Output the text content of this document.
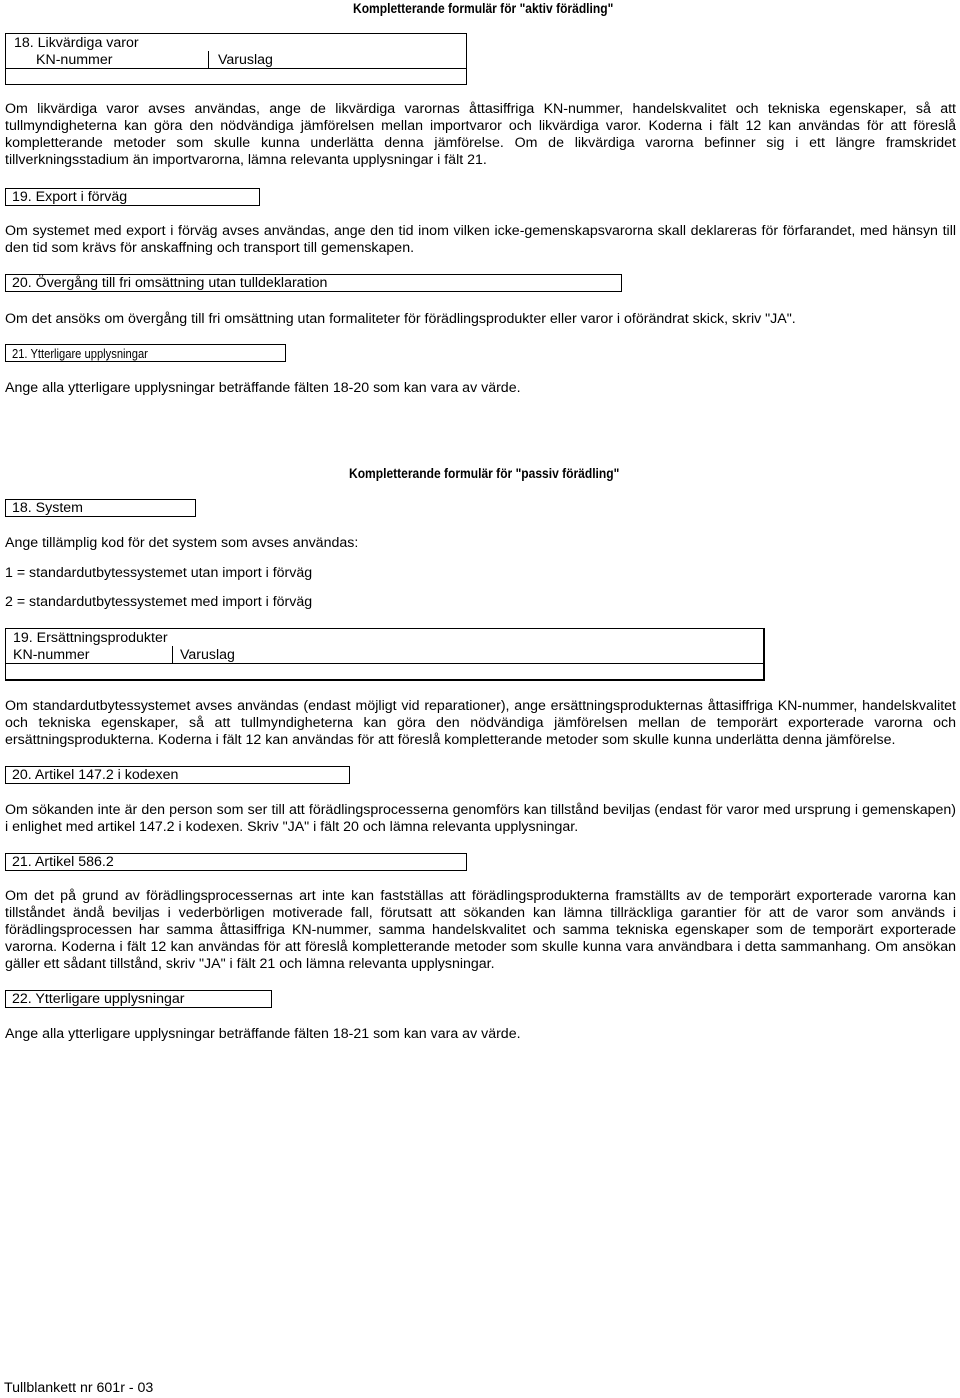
Kompletterande formulär för "aktiv förädling"
18. Likvärdiga varor
KN-nummer	Varuslag
Om likvärdiga varor avses användas, ange de likvärdiga varornas åttasiffriga KN-nummer, handelskvalitet och tekniska egenskaper, så att tullmyndigheterna kan göra den nödvändiga jämförelsen mellan importvaror och likvärdiga varor. Koderna i fält 12 kan användas för att föreslå kompletterande metoder som skulle kunna underlätta denna jämförelse. Om de likvärdiga varorna befinner sig i ett längre framskridet tillverkningsstadium än importvarorna, lämna relevanta upplysningar i fält 21.
19. Export i förväg
Om systemet med export i förväg avses användas, ange den tid inom vilken icke-gemenskapsvarorna skall deklareras för förfarandet, med hänsyn till den tid som krävs för anskaffning och transport till gemenskapen.
20. Övergång till fri omsättning utan tulldeklaration
Om det ansöks om övergång till fri omsättning utan formaliteter för förädlingsprodukter eller varor i oförändrat skick, skriv "JA".
21. Ytterligare upplysningar
Ange alla ytterligare upplysningar beträffande fälten 18-20 som kan vara av värde.
Kompletterande formulär för "passiv förädling"
18. System
Ange tillämplig kod för det system som avses användas:
1 = standardutbytessystemet utan import i förväg
2 = standardutbytessystemet med import i förväg
19. Ersättningsprodukter
KN-nummer	Varuslag
Om standardutbytessystemet avses användas (endast möjligt vid reparationer), ange ersättningsprodukternas åttasiffriga KN-nummer, handelskvalitet och tekniska egenskaper, så att tullmyndigheterna kan göra den nödvändiga jämförelsen mellan de temporärt exporterade varorna och ersättningsprodukterna. Koderna i fält 12 kan användas för att föreslå kompletterande metoder som skulle kunna underlätta denna jämförelse.
20. Artikel 147.2 i kodexen
Om sökanden inte är den person som ser till att förädlingsprocesserna genomförs kan tillstånd beviljas (endast för varor med ursprung i gemenskapen) i enlighet med artikel 147.2 i kodexen. Skriv "JA" i fält 20 och lämna relevanta upplysningar.
21. Artikel 586.2
Om det på grund av förädlingsprocessernas art inte kan fastställas att förädlingsprodukterna framställts av de temporärt exporterade varorna kan tillståndet ändå beviljas i vederbörligen motiverade fall, förutsatt att sökanden kan lämna tillräckliga garantier för att de varor som används i förädlingsprocessen har samma åttasiffriga KN-nummer, samma handelskvalitet och samma tekniska egenskaper som de temporärt exporterade varorna. Koderna i fält 12 kan användas för att föreslå kompletterande metoder som skulle kunna vara användbara i detta sammanhang. Om ansökan gäller ett sådant tillstånd, skriv "JA" i fält 21 och lämna relevanta upplysningar.
22. Ytterligare upplysningar
Ange alla ytterligare upplysningar beträffande fälten 18-21 som kan vara av värde.
Tullblankett nr 601r - 03
